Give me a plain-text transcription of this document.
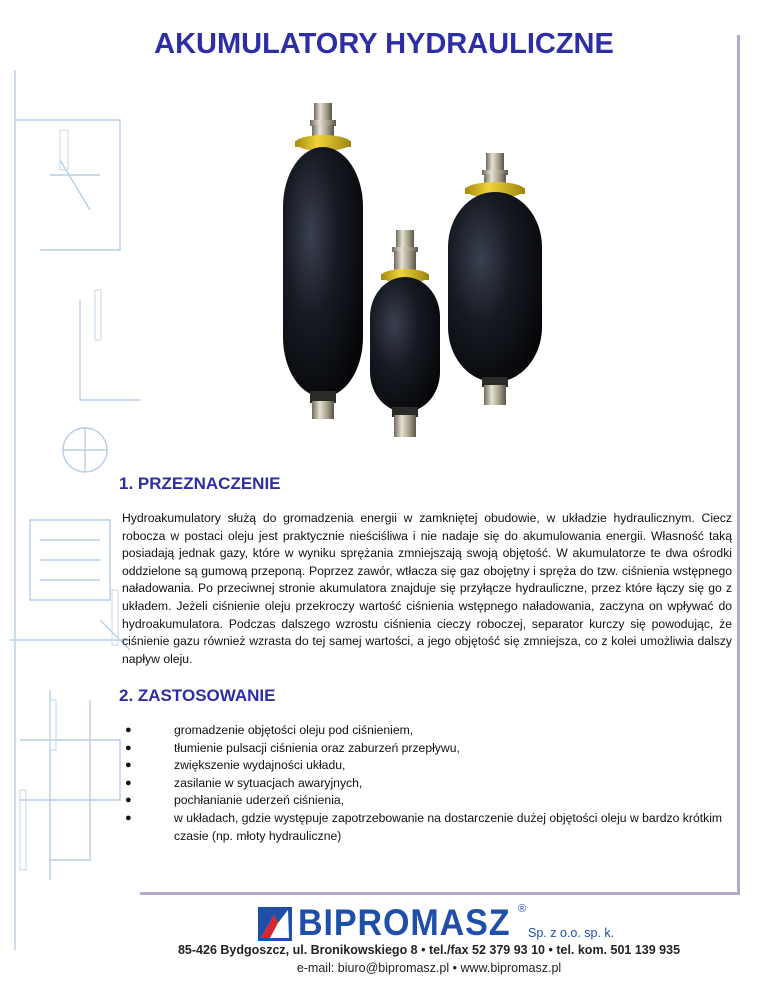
AKUMULATORY HYDRAULICZNE
1. PRZEZNACZENIE
Hydroakumulatory służą do gromadzenia energii w zamkniętej obudowie, w układzie hydraulicznym. Ciecz robocza w postaci oleju jest praktycznie nieściśliwa i nie nadaje się do akumulowania energii. Własność taką posiadają jednak gazy, które w wyniku sprężania zmniejszają swoją objętość. W akumulatorze te dwa ośrodki oddzielone są gumową przeponą. Poprzez zawór, wtłacza się gaz obojętny i spręża do tzw. ciśnienia wstępnego naładowania. Po przeciwnej stronie akumulatora znajduje się przyłącze hydrauliczne, przez które łączy się go z układem. Jeżeli ciśnienie oleju przekroczy wartość ciśnienia wstępnego naładowania, zaczyna on wpływać do hydroakumulatora. Podczas dalszego wzrostu ciśnienia cieczy roboczej, separator kurczy się powodując, że ciśnienie gazu również wzrasta do tej samej wartości, a jego objętość się zmniejsza, co z kolei umożliwia dalszy napływ oleju.
2. ZASTOSOWANIE
●	gromadzenie objętości oleju pod ciśnieniem,
●	tłumienie pulsacji ciśnienia oraz zaburzeń przepływu,
●	zwiększenie wydajności układu,
●	zasilanie w sytuacjach awaryjnych,
●	pochłanianie uderzeń ciśnienia,
●	w układach, gdzie występuje zapotrzebowanie na dostarczenie dużej objętości oleju w bardzo krótkim czasie (np. młoty hydrauliczne)
BIPROMASZ ®
Sp. z o.o. sp. k.
85-426 Bydgoszcz, ul. Bronikowskiego 8 • tel./fax 52 379 93 10 • tel. kom. 501 139 935
e-mail: biuro@bipromasz.pl • www.bipromasz.pl
